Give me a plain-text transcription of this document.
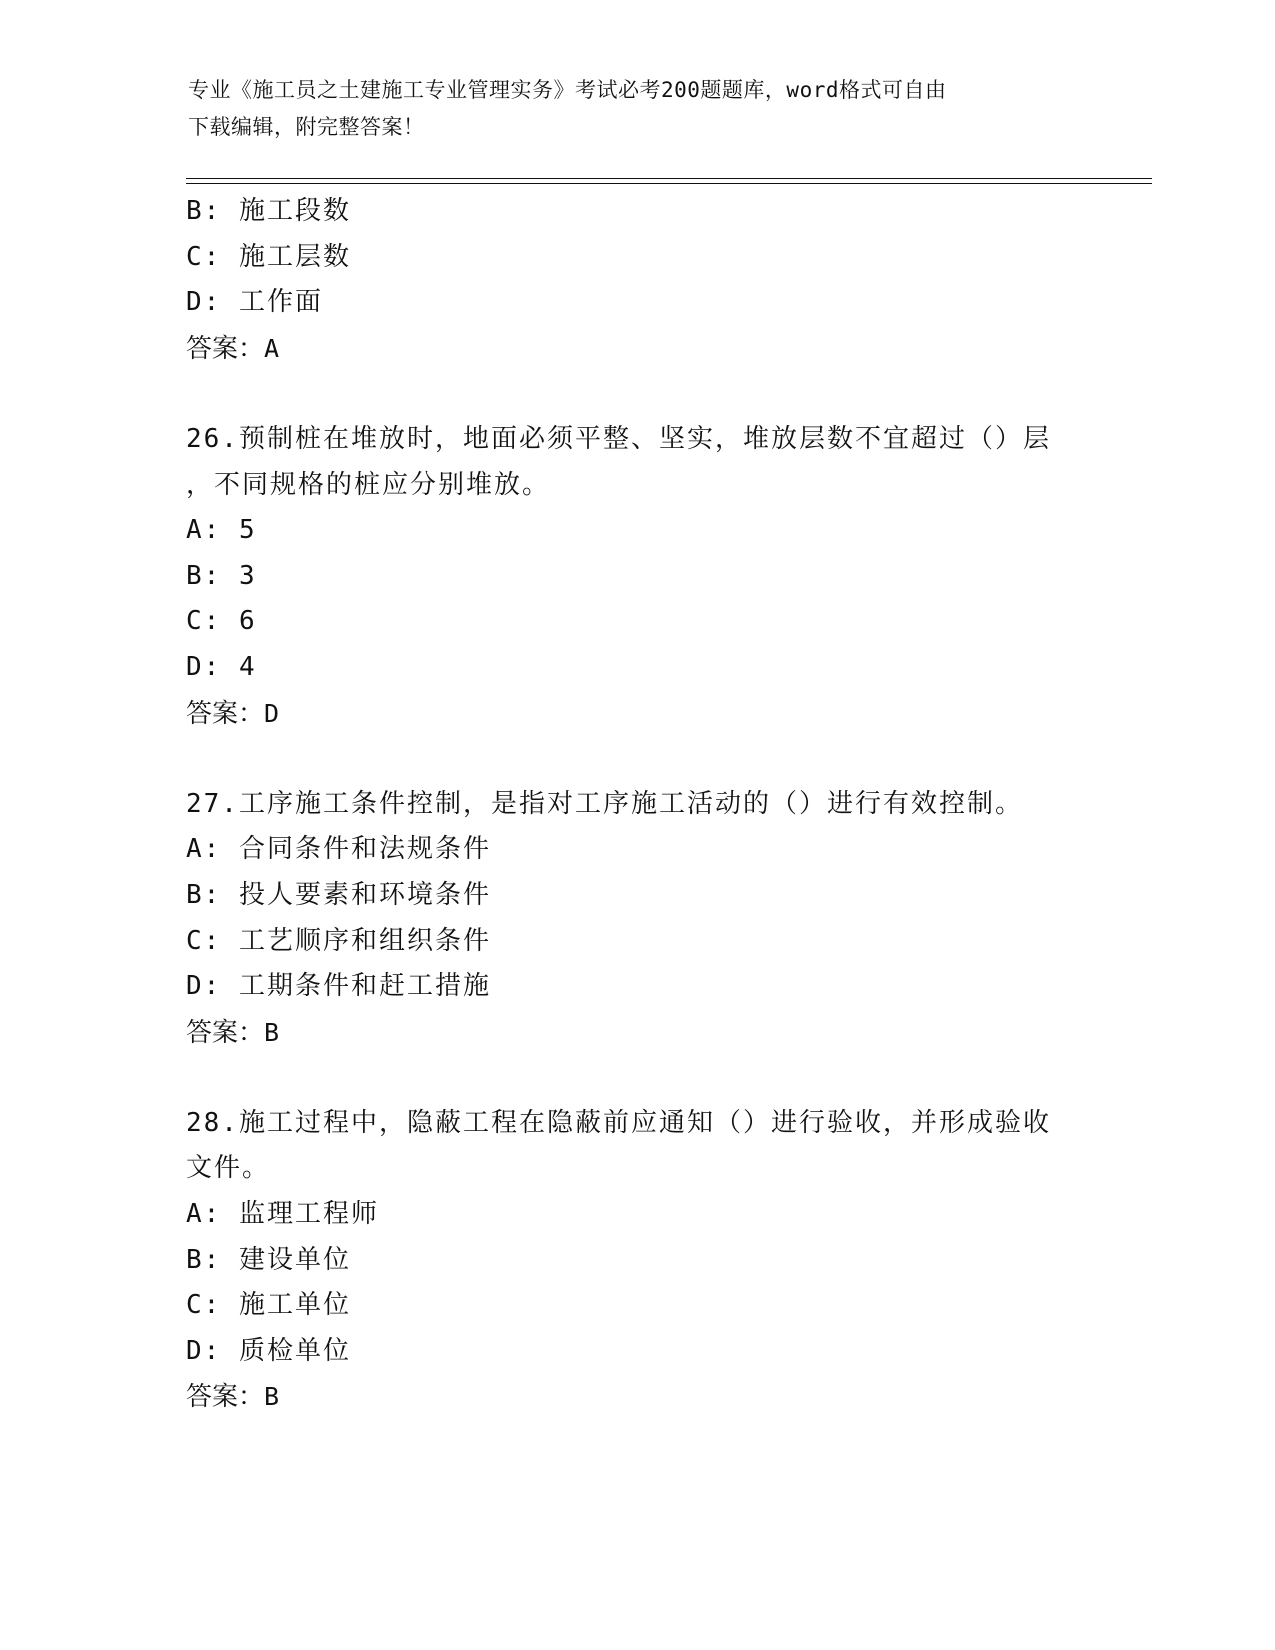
专业《施工员之土建施工专业管理实务》考试必考200题题库，word格式可自由
下载编辑，附完整答案！
B: 施工段数
C: 施工层数
D: 工作面
答案：A
26.预制桩在堆放时，地面必须平整、坚实，堆放层数不宜超过（）层
，不同规格的桩应分别堆放。
A: 5
B: 3
C: 6
D: 4
答案：D
27.工序施工条件控制，是指对工序施工活动的（）进行有效控制。
A: 合同条件和法规条件
B: 投人要素和环境条件
C: 工艺顺序和组织条件
D: 工期条件和赶工措施
答案：B
28.施工过程中，隐蔽工程在隐蔽前应通知（）进行验收，并形成验收
文件。
A: 监理工程师
B: 建设单位
C: 施工单位
D: 质检单位
答案：B
